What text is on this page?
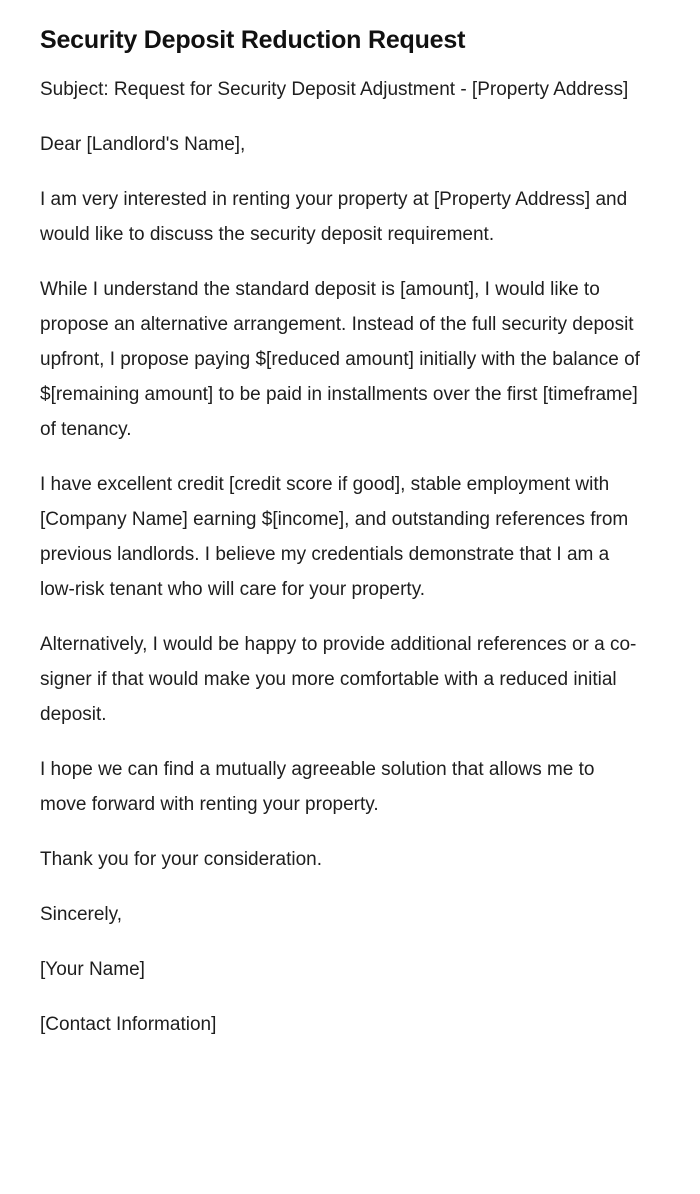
Security Deposit Reduction Request

Subject: Request for Security Deposit Adjustment - [Property Address]

Dear [Landlord's Name],

I am very interested in renting your property at [Property Address] and would like to discuss the security deposit requirement.

While I understand the standard deposit is [amount], I would like to propose an alternative arrangement. Instead of the full security deposit upfront, I propose paying $[reduced amount] initially with the balance of $[remaining amount] to be paid in installments over the first [timeframe] of tenancy.

I have excellent credit [credit score if good], stable employment with [Company Name] earning $[income], and outstanding references from previous landlords. I believe my credentials demonstrate that I am a low-risk tenant who will care for your property.

Alternatively, I would be happy to provide additional references or a co-signer if that would make you more comfortable with a reduced initial deposit.

I hope we can find a mutually agreeable solution that allows me to move forward with renting your property.

Thank you for your consideration.

Sincerely,

[Your Name]

[Contact Information]
